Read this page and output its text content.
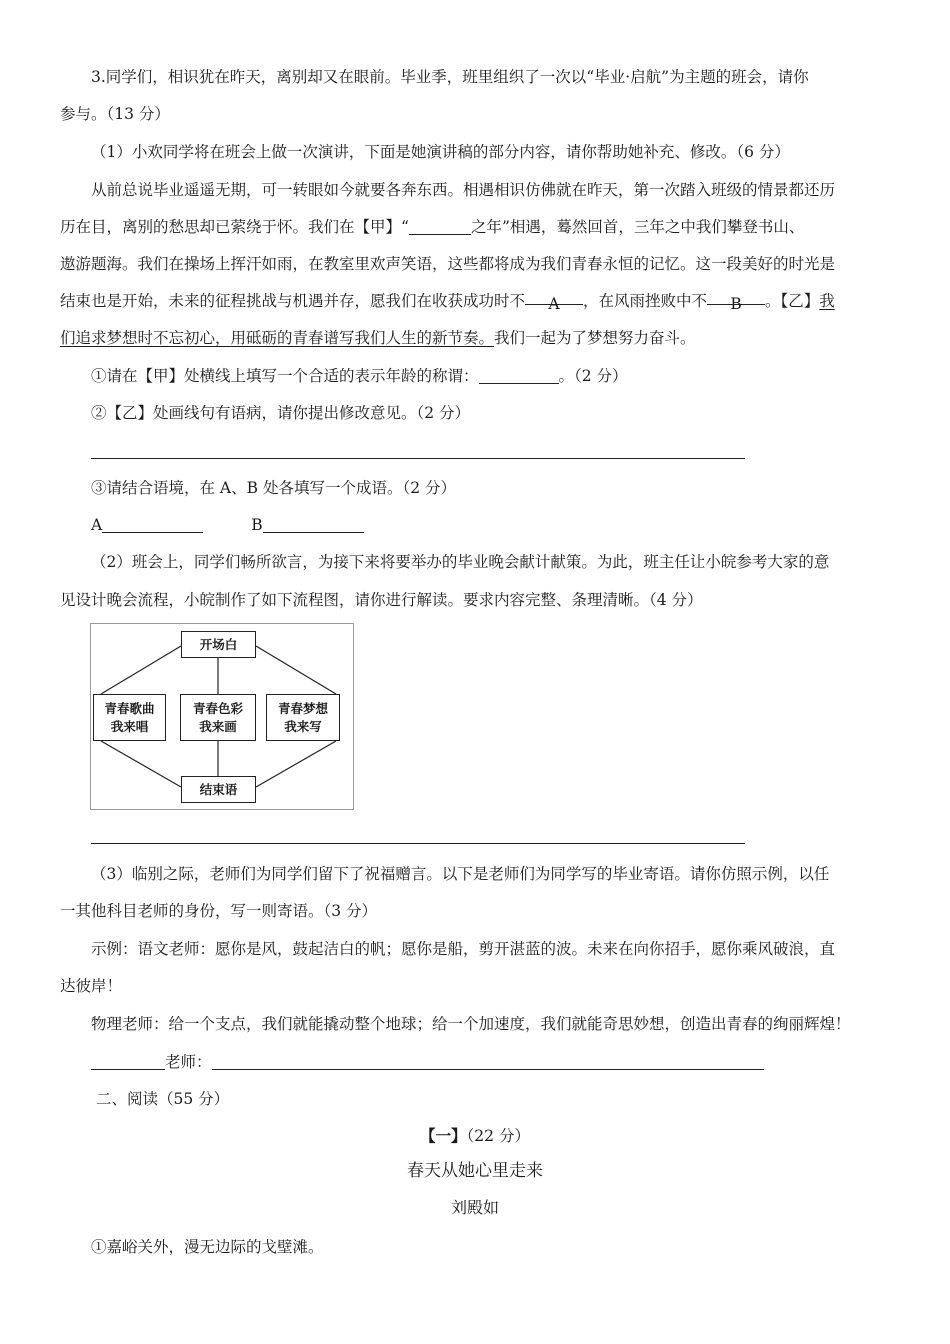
3.同学们，相识犹在昨天，离别却又在眼前。毕业季，班里组织了一次以“毕业·启航”为主题的班会，请你
参与。（13 分）
（1）小欢同学将在班会上做一次演讲，下面是她演讲稿的部分内容，请你帮助她补充、修改。（6 分）
从前总说毕业遥遥无期，可一转眼如今就要各奔东西。相遇相识仿佛就在昨天，第一次踏入班级的情景都还历
历在目，离别的愁思却已萦绕于怀。我们在【甲】“	之年”相遇，蓦然回首，三年之中我们攀登书山、
遨游题海。我们在操场上挥汗如雨，在教室里欢声笑语，这些都将成为我们青春永恒的记忆。这一段美好的时光是
结束也是开始，未来的征程挑战与机遇并存，愿我们在收获成功时不 A ，在风雨挫败中不 B 。【乙】我
们追求梦想时不忘初心，用砥砺的青春谱写我们人生的新节奏。我们一起为了梦想努力奋斗。
①请在【甲】处横线上填写一个合适的表示年龄的称谓：	。（2 分）
②【乙】处画线句有语病，请你提出修改意见。（2 分）
③请结合语境，在 A、B 处各填写一个成语。（2 分）
A	B
（2）班会上，同学们畅所欲言，为接下来将要举办的毕业晚会献计献策。为此，班主任让小皖参考大家的意
见设计晚会流程，小皖制作了如下流程图，请你进行解读。要求内容完整、条理清晰。（4 分）
开场白
青春歌曲
我来唱
青春色彩
我来画
青春梦想
我来写
结束语
（3）临别之际，老师们为同学们留下了祝福赠言。以下是老师们为同学写的毕业寄语。请你仿照示例，以任
一其他科目老师的身份，写一则寄语。（3 分）
示例：语文老师：愿你是风，鼓起洁白的帆；愿你是船，剪开湛蓝的波。未来在向你招手，愿你乘风破浪，直
达彼岸！
物理老师：给一个支点，我们就能撬动整个地球；给一个加速度，我们就能奇思妙想，创造出青春的绚丽辉煌！
老师：
二、阅读（55 分）
【一】（22 分）
春天从她心里走来
刘殿如
①嘉峪关外，漫无边际的戈壁滩。
